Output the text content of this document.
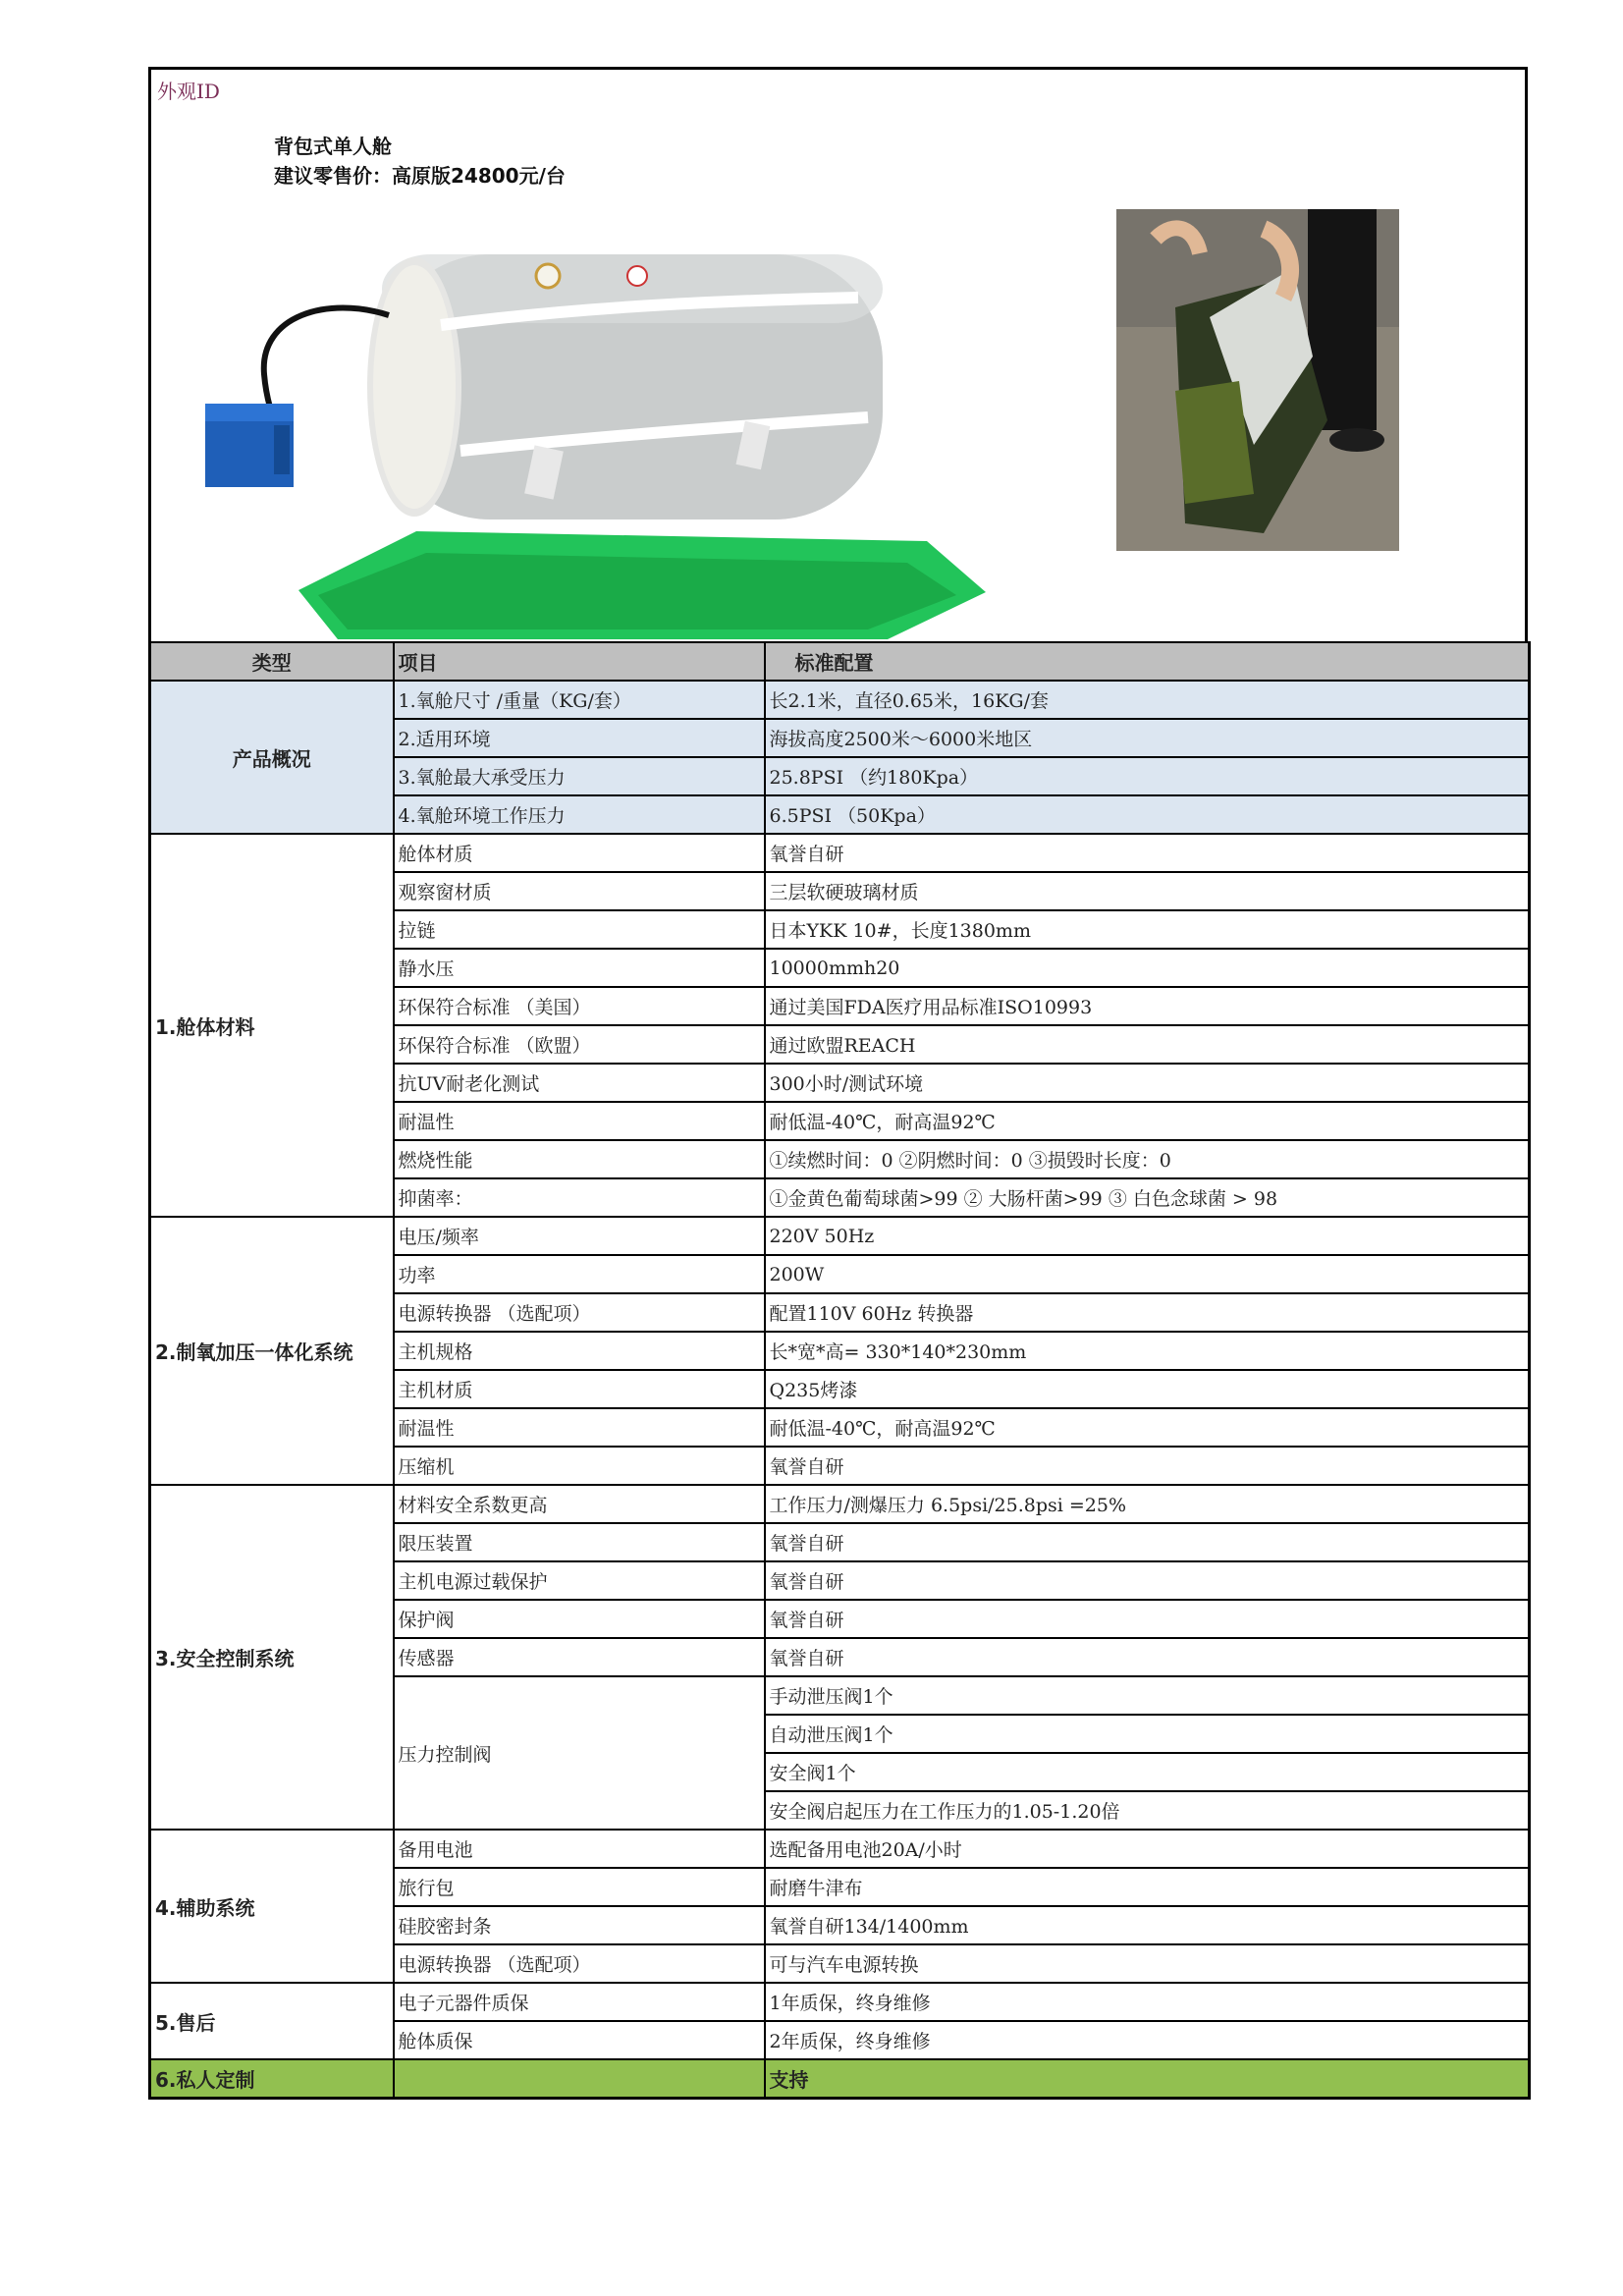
外观ID
背包式单人舱
建议零售价：高原版24800元/台
类型	项目	标准配置
产品概况	1.氧舱尺寸 /重量（KG/套）	长2.1米，直径0.65米，16KG/套
	2.适用环境	海拔高度2500米～6000米地区
	3.氧舱最大承受压力	25.8PSI （约180Kpa）
	4.氧舱环境工作压力	6.5PSI （50Kpa）
1.舱体材料	舱体材质	氧誉自研
	观察窗材质	三层软硬玻璃材质
	拉链	日本YKK 10#，长度1380mm
	静水压	10000mmh20
	环保符合标准 （美国）	通过美国FDA医疗用品标准ISO10993
	环保符合标准 （欧盟）	通过欧盟REACH
	抗UV耐老化测试	300小时/测试环境
	耐温性	耐低温-40℃，耐高温92℃
	燃烧性能	①续燃时间：0 ②阴燃时间：0 ③损毁时长度：0
	抑菌率：	①金黄色葡萄球菌>99 ② 大肠杆菌>99 ③ 白色念球菌 > 98
2.制氧加压一体化系统	电压/频率	220V 50Hz
	功率	200W
	电源转换器 （选配项）	配置110V 60Hz 转换器
	主机规格	长*宽*高= 330*140*230mm
	主机材质	Q235烤漆
	耐温性	耐低温-40℃，耐高温92℃
	压缩机	氧誉自研
3.安全控制系统	材料安全系数更高	工作压力/测爆压力 6.5psi/25.8psi =25%
	限压装置	氧誉自研
	主机电源过载保护	氧誉自研
	保护阀	氧誉自研
	传感器	氧誉自研
	压力控制阀	手动泄压阀1个
		自动泄压阀1个
		安全阀1个
		安全阀启起压力在工作压力的1.05-1.20倍
4.辅助系统	备用电池	选配备用电池20A/小时
	旅行包	耐磨牛津布
	硅胶密封条	氧誉自研134/1400mm
	电源转换器 （选配项）	可与汽车电源转换
5.售后	电子元器件质保	1年质保，终身维修
	舱体质保	2年质保，终身维修
6.私人定制		支持
